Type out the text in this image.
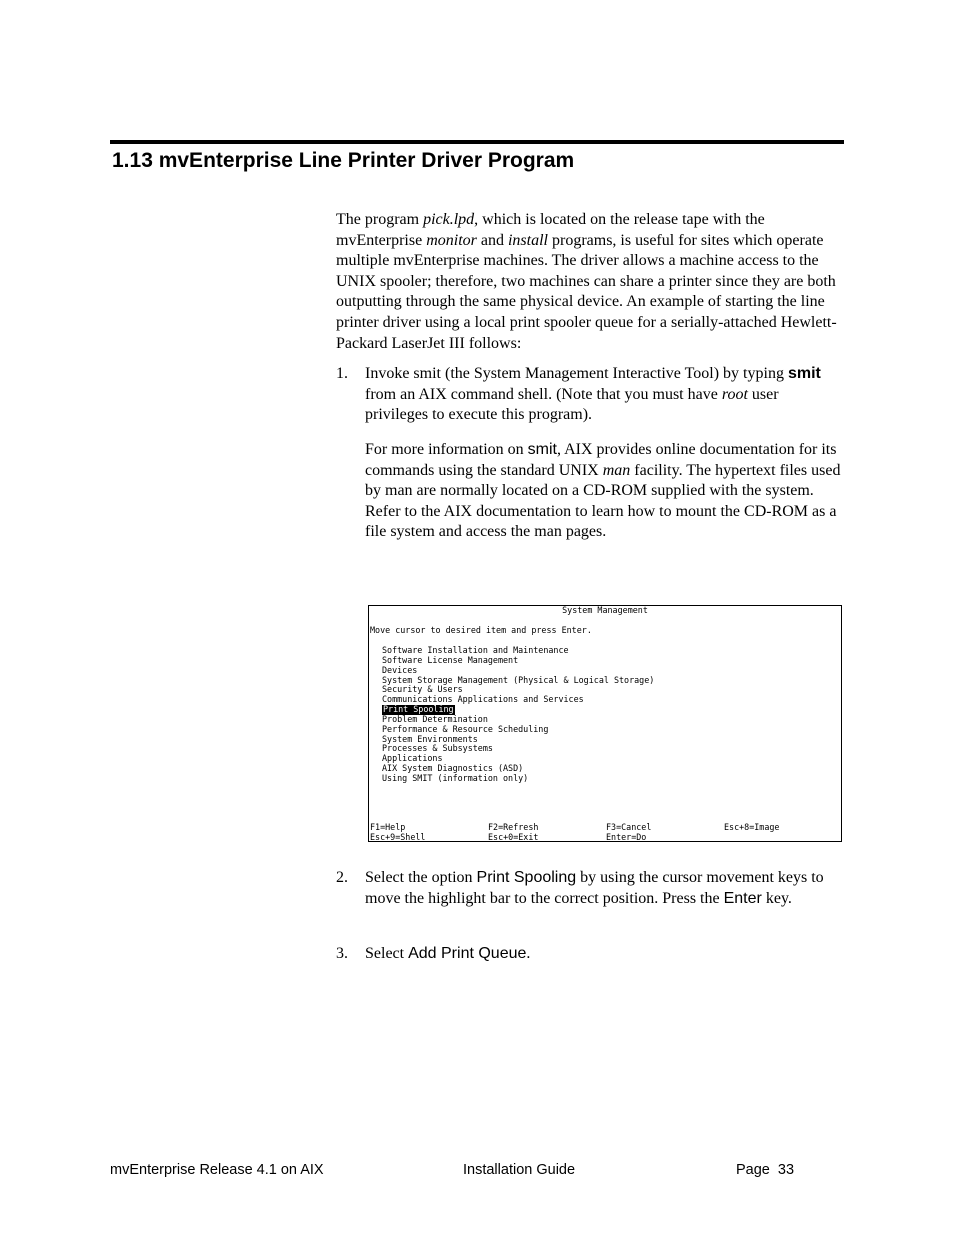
1.13 mvEnterprise Line Printer Driver Program
The program pick.lpd, which is located on the release tape with the mvEnterprise monitor and install programs, is useful for sites which operate multiple mvEnterprise machines. The driver allows a machine access to the UNIX spooler; therefore, two machines can share a printer since they are both outputting through the same physical device. An example of starting the line printer driver using a local print spooler queue for a serially-attached Hewlett-Packard LaserJet III follows:
1. Invoke smit (the System Management Interactive Tool) by typing smit from an AIX command shell. (Note that you must have root user privileges to execute this program).
For more information on smit, AIX provides online documentation for its commands using the standard UNIX man facility. The hypertext files used by man are normally located on a CD-ROM supplied with the system. Refer to the AIX documentation to learn how to mount the CD-ROM as a file system and access the man pages.
System Management
Move cursor to desired item and press Enter.
Software Installation and Maintenance
Software License Management
Devices
System Storage Management (Physical & Logical Storage)
Security & Users
Communications Applications and Services
Print Spooling
Problem Determination
Performance & Resource Scheduling
System Environments
Processes & Subsystems
Applications
AIX System Diagnostics (ASD)
Using SMIT (information only)
F1=Help	F2=Refresh	F3=Cancel	Esc+8=Image
Esc+9=Shell	Esc+0=Exit	Enter=Do
2. Select the option Print Spooling by using the cursor movement keys to move the highlight bar to the correct position. Press the Enter key.
3. Select Add Print Queue.
mvEnterprise Release 4.1 on AIX	Installation Guide	Page  33
